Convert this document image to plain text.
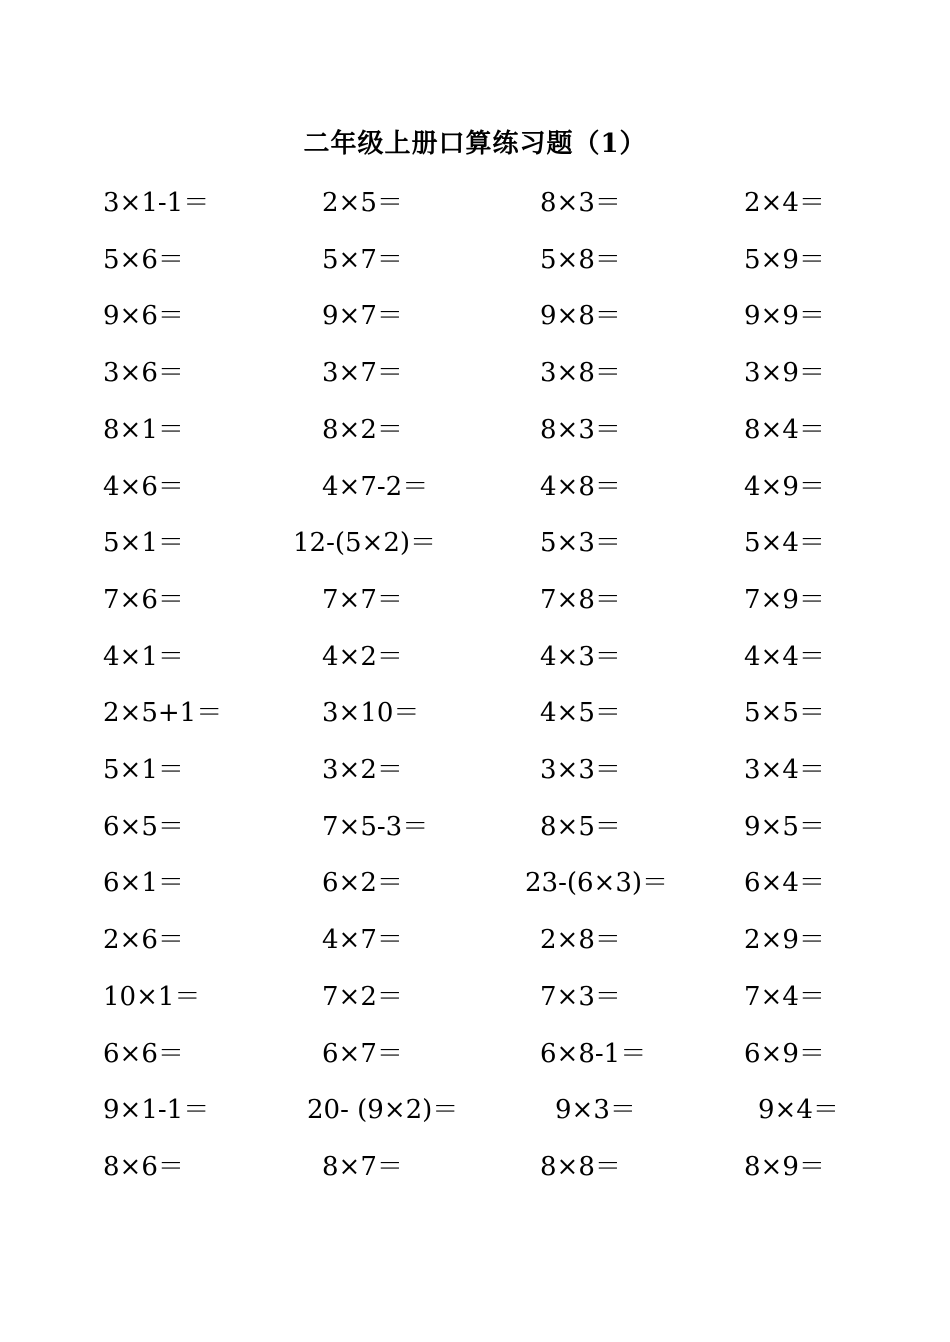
二年级上册口算练习题（1）
3×1-1＝	2×5＝	8×3＝	2×4＝
5×6＝	5×7＝	5×8＝	5×9＝
9×6＝	9×7＝	9×8＝	9×9＝
3×6＝	3×7＝	3×8＝	3×9＝
8×1＝	8×2＝	8×3＝	8×4＝
4×6＝	4×7-2＝	4×8＝	4×9＝
5×1＝	12-(5×2)＝	5×3＝	5×4＝
7×6＝	7×7＝	7×8＝	7×9＝
4×1＝	4×2＝	4×3＝	4×4＝
2×5+1＝	3×10＝	4×5＝	5×5＝
5×1＝	3×2＝	3×3＝	3×4＝
6×5＝	7×5-3＝	8×5＝	9×5＝
6×1＝	6×2＝	23-(6×3)＝	6×4＝
2×6＝	4×7＝	2×8＝	2×9＝
10×1＝	7×2＝	7×3＝	7×4＝
6×6＝	6×7＝	6×8-1＝	6×9＝
9×1-1＝	20- (9×2)＝	9×3＝	9×4＝
8×6＝	8×7＝	8×8＝	8×9＝
